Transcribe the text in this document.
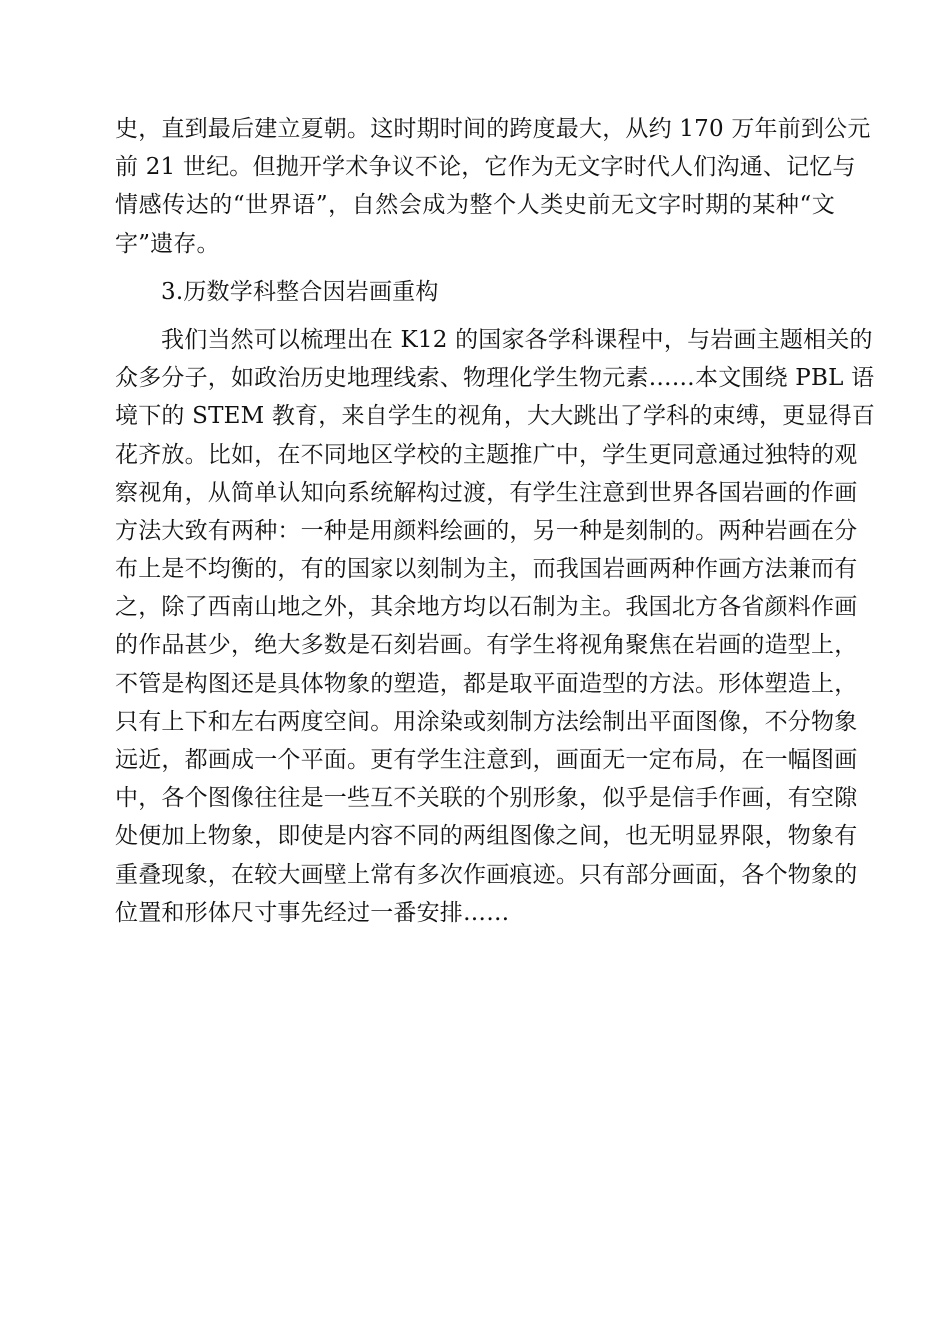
史，直到最后建立夏朝。这时期时间的跨度最大，从约 170 万年前到公元
前 21 世纪。但抛开学术争议不论，它作为无文字时代人们沟通、记忆与
情感传达的“世界语”，自然会成为整个人类史前无文字时期的某种“文
字”遗存。
3.历数学科整合因岩画重构
我们当然可以梳理出在 K12 的国家各学科课程中，与岩画主题相关的
众多分子，如政治历史地理线索、物理化学生物元素……本文围绕 PBL 语
境下的 STEM 教育，来自学生的视角，大大跳出了学科的束缚，更显得百
花齐放。比如，在不同地区学校的主题推广中，学生更同意通过独特的观
察视角，从简单认知向系统解构过渡，有学生注意到世界各国岩画的作画
方法大致有两种：一种是用颜料绘画的，另一种是刻制的。两种岩画在分
布上是不均衡的，有的国家以刻制为主，而我国岩画两种作画方法兼而有
之，除了西南山地之外，其余地方均以石制为主。我国北方各省颜料作画
的作品甚少，绝大多数是石刻岩画。有学生将视角聚焦在岩画的造型上，
不管是构图还是具体物象的塑造，都是取平面造型的方法。形体塑造上，
只有上下和左右两度空间。用涂染或刻制方法绘制出平面图像，不分物象
远近，都画成一个平面。更有学生注意到，画面无一定布局，在一幅图画
中，各个图像往往是一些互不关联的个别形象，似乎是信手作画，有空隙
处便加上物象，即使是内容不同的两组图像之间，也无明显界限，物象有
重叠现象，在较大画壁上常有多次作画痕迹。只有部分画面，各个物象的
位置和形体尺寸事先经过一番安排……
